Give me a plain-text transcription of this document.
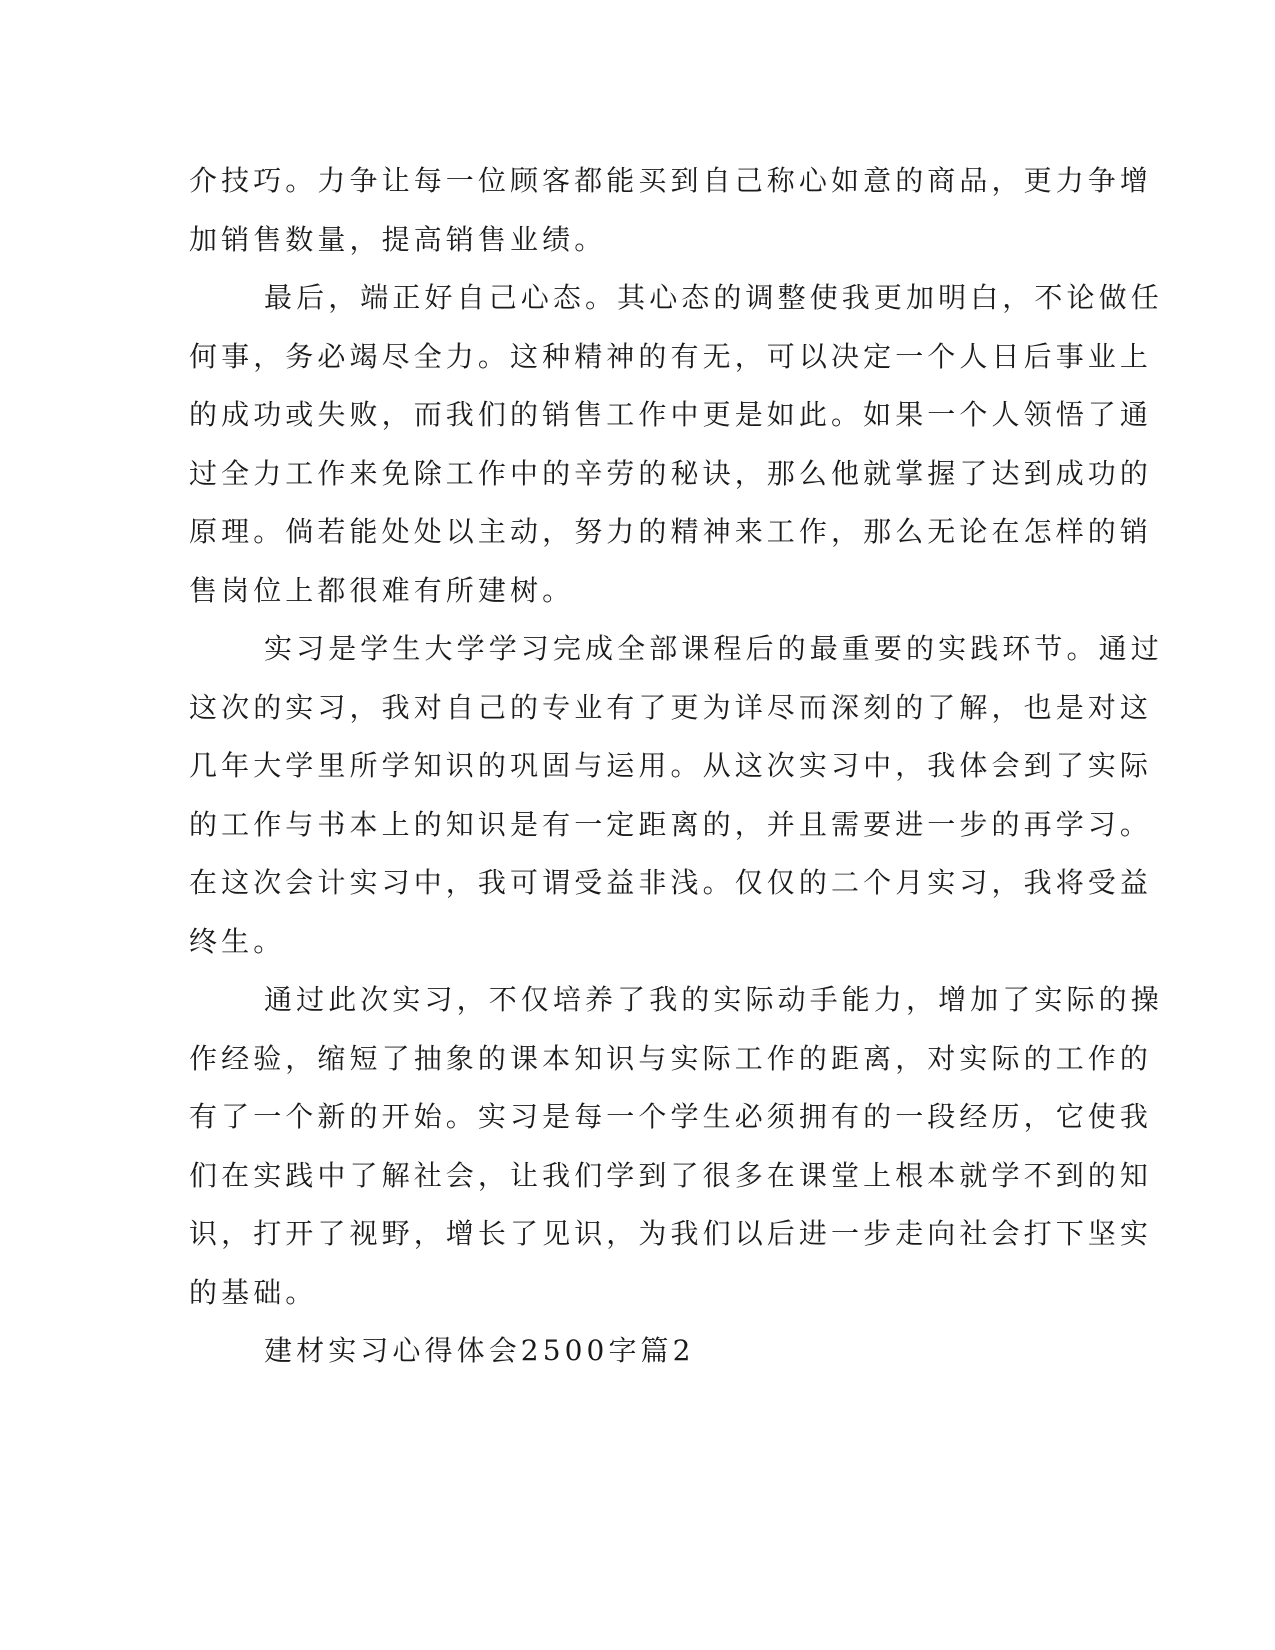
介技巧。力争让每一位顾客都能买到自己称心如意的商品，更力争增
加销售数量，提高销售业绩。
最后，端正好自己心态。其心态的调整使我更加明白，不论做任
何事，务必竭尽全力。这种精神的有无，可以决定一个人日后事业上
的成功或失败，而我们的销售工作中更是如此。如果一个人领悟了通
过全力工作来免除工作中的辛劳的秘诀，那么他就掌握了达到成功的
原理。倘若能处处以主动，努力的精神来工作，那么无论在怎样的销
售岗位上都很难有所建树。
实习是学生大学学习完成全部课程后的最重要的实践环节。通过
这次的实习，我对自己的专业有了更为详尽而深刻的了解，也是对这
几年大学里所学知识的巩固与运用。从这次实习中，我体会到了实际
的工作与书本上的知识是有一定距离的，并且需要进一步的再学习。
在这次会计实习中，我可谓受益非浅。仅仅的二个月实习，我将受益
终生。
通过此次实习，不仅培养了我的实际动手能力，增加了实际的操
作经验，缩短了抽象的课本知识与实际工作的距离，对实际的工作的
有了一个新的开始。实习是每一个学生必须拥有的一段经历，它使我
们在实践中了解社会，让我们学到了很多在课堂上根本就学不到的知
识，打开了视野，增长了见识，为我们以后进一步走向社会打下坚实
的基础。
建材实习心得体会2500字篇2
